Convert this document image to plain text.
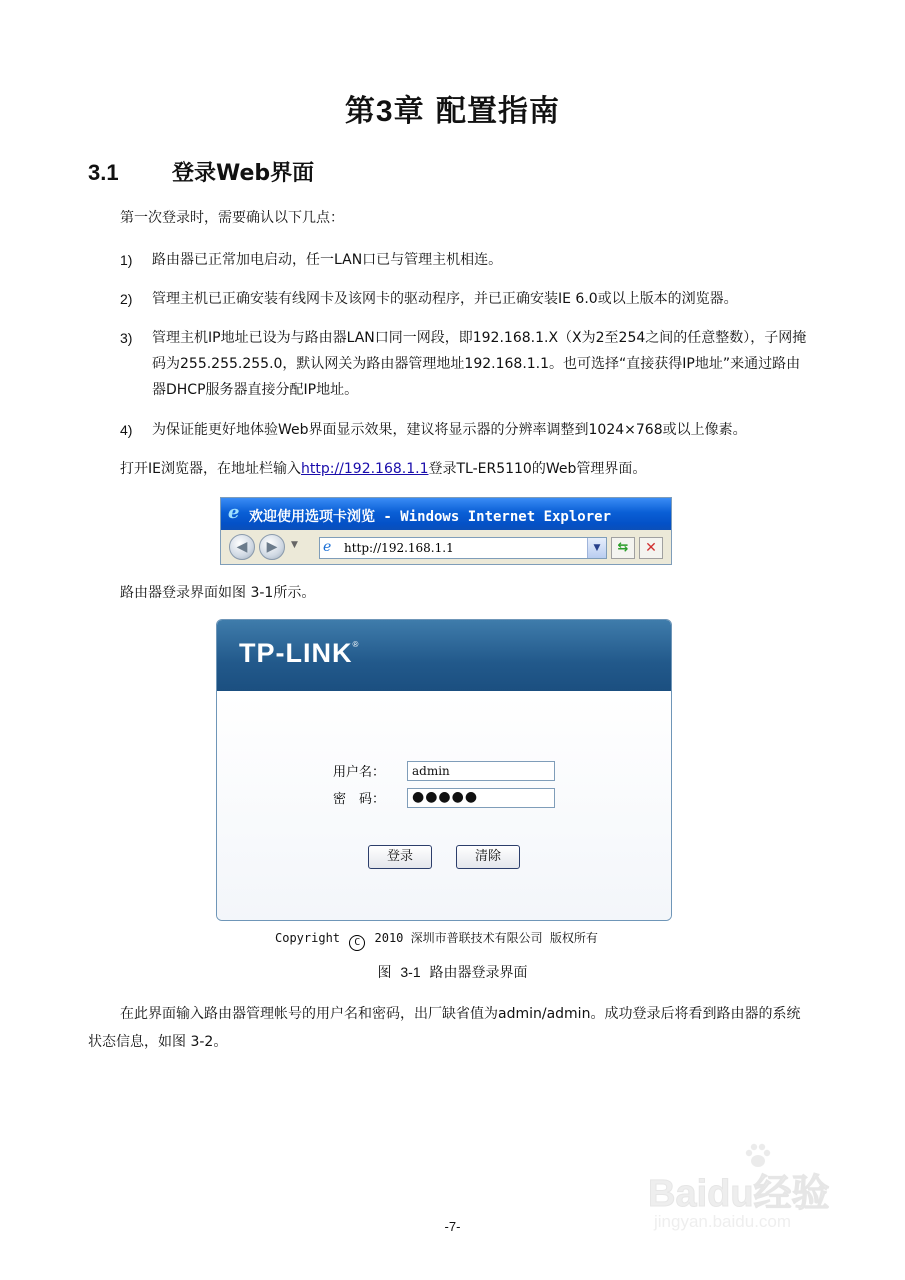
第3章 配置指南
3.1 登录Web界面
第一次登录时，需要确认以下几点：
1) 路由器已正常加电启动，任一LAN口已与管理主机相连。
2) 管理主机已正确安装有线网卡及该网卡的驱动程序，并已正确安装IE 6.0或以上版本的浏览器。
3) 管理主机IP地址已设为与路由器LAN口同一网段，即192.168.1.X（X为2至254之间的任意整数），子网掩码为255.255.255.0，默认网关为路由器管理地址192.168.1.1。也可选择“直接获得IP地址”来通过路由器DHCP服务器直接分配IP地址。
4) 为保证能更好地体验Web界面显示效果，建议将显示器的分辨率调整到1024×768或以上像素。
打开IE浏览器，在地址栏输入http://192.168.1.1登录TL-ER5110的Web管理界面。
e 欢迎使用选项卡浏览 - Windows Internet Explorer
◀	▶	▼ e http://192.168.1.1	▼	⇆	✕
路由器登录界面如图 3-1所示。
TP-LINK®
用户名：	admin
密　码：	●●●●●
登录	清除
Copyright C 2010 深圳市普联技术有限公司 版权所有
图 3-1 路由器登录界面
在此界面输入路由器管理帐号的用户名和密码，出厂缺省值为admin/admin。成功登录后将看到路由器的系统状态信息，如图 3-2。
Baidu经验
jingyan.baidu.com
-7-
